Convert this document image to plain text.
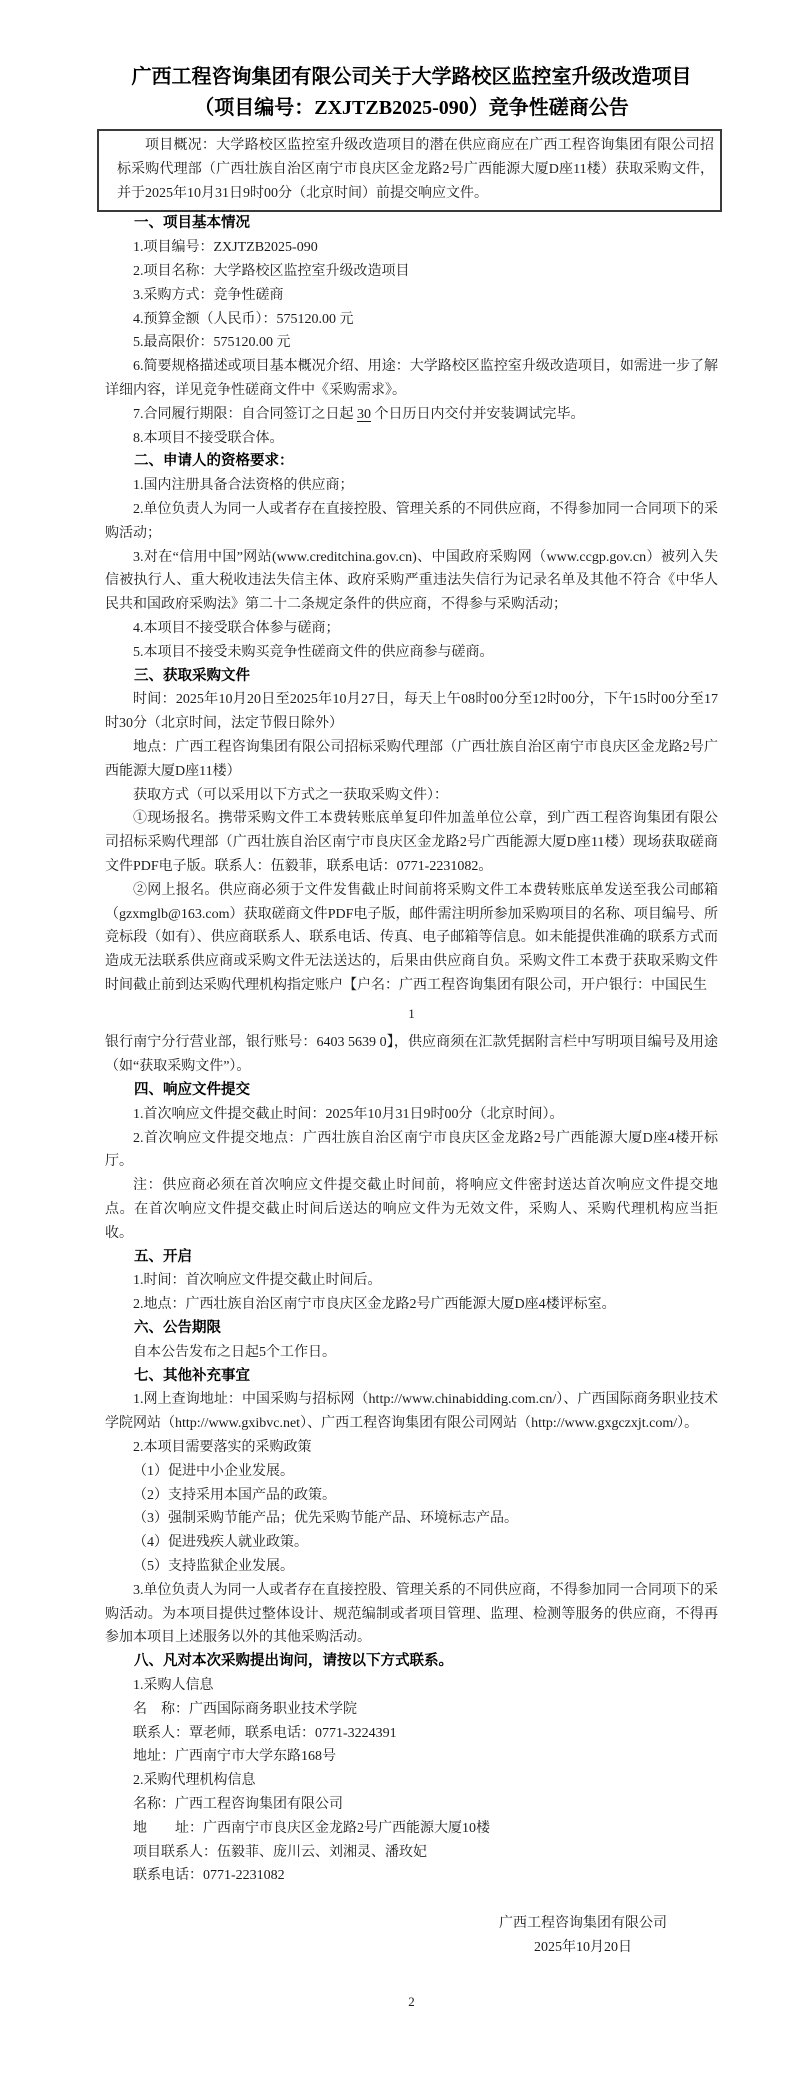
广西工程咨询集团有限公司关于大学路校区监控室升级改造项目
（项目编号：ZXJTZB2025-090）竞争性磋商公告
项目概况：大学路校区监控室升级改造项目的潜在供应商应在广西工程咨询集团有限公司招标采购代理部（广西壮族自治区南宁市良庆区金龙路2号广西能源大厦D座11楼）获取采购文件，并于2025年10月31日9时00分（北京时间）前提交响应文件。
一、项目基本情况
1.项目编号：ZXJTZB2025-090
2.项目名称：大学路校区监控室升级改造项目
3.采购方式：竞争性磋商
4.预算金额（人民币）：575120.00 元
5.最高限价：575120.00 元
6.简要规格描述或项目基本概况介绍、用途：大学路校区监控室升级改造项目，如需进一步了解详细内容，详见竞争性磋商文件中《采购需求》。
7.合同履行期限：自合同签订之日起 30 个日历日内交付并安装调试完毕。
8.本项目不接受联合体。
二、申请人的资格要求：
1.国内注册具备合法资格的供应商；
2.单位负责人为同一人或者存在直接控股、管理关系的不同供应商，不得参加同一合同项下的采购活动；
3.对在“信用中国”网站(www.creditchina.gov.cn)、中国政府采购网（www.ccgp.gov.cn）被列入失信被执行人、重大税收违法失信主体、政府采购严重违法失信行为记录名单及其他不符合《中华人民共和国政府采购法》第二十二条规定条件的供应商，不得参与采购活动；
4.本项目不接受联合体参与磋商；
5.本项目不接受未购买竞争性磋商文件的供应商参与磋商。
三、获取采购文件
时间：2025年10月20日至2025年10月27日，每天上午08时00分至12时00分，下午15时00分至17时30分（北京时间，法定节假日除外）
地点：广西工程咨询集团有限公司招标采购代理部（广西壮族自治区南宁市良庆区金龙路2号广西能源大厦D座11楼）
获取方式（可以采用以下方式之一获取采购文件）：
①现场报名。携带采购文件工本费转账底单复印件加盖单位公章，到广西工程咨询集团有限公司招标采购代理部（广西壮族自治区南宁市良庆区金龙路2号广西能源大厦D座11楼）现场获取磋商文件PDF电子版。联系人：伍毅菲，联系电话：0771-2231082。
②网上报名。供应商必须于文件发售截止时间前将采购文件工本费转账底单发送至我公司邮箱（gzxmglb@163.com）获取磋商文件PDF电子版，邮件需注明所参加采购项目的名称、项目编号、所竞标段（如有）、供应商联系人、联系电话、传真、电子邮箱等信息。如未能提供准确的联系方式而造成无法联系供应商或采购文件无法送达的，后果由供应商自负。采购文件工本费于获取采购文件时间截止前到达采购代理机构指定账户【户名：广西工程咨询集团有限公司，开户银行：中国民生
1
银行南宁分行营业部，银行账号：6403 5639 0】，供应商须在汇款凭据附言栏中写明项目编号及用途（如“获取采购文件”）。
四、响应文件提交
1.首次响应文件提交截止时间：2025年10月31日9时00分（北京时间）。
2.首次响应文件提交地点：广西壮族自治区南宁市良庆区金龙路2号广西能源大厦D座4楼开标厅。
注：供应商必须在首次响应文件提交截止时间前，将响应文件密封送达首次响应文件提交地点。在首次响应文件提交截止时间后送达的响应文件为无效文件，采购人、采购代理机构应当拒收。
五、开启
1.时间：首次响应文件提交截止时间后。
2.地点：广西壮族自治区南宁市良庆区金龙路2号广西能源大厦D座4楼评标室。
六、公告期限
自本公告发布之日起5个工作日。
七、其他补充事宜
1.网上查询地址：中国采购与招标网（http://www.chinabidding.com.cn/）、广西国际商务职业技术学院网站（http://www.gxibvc.net）、广西工程咨询集团有限公司网站（http://www.gxgczxjt.com/）。
2.本项目需要落实的采购政策
（1）促进中小企业发展。
（2）支持采用本国产品的政策。
（3）强制采购节能产品；优先采购节能产品、环境标志产品。
（4）促进残疾人就业政策。
（5）支持监狱企业发展。
3.单位负责人为同一人或者存在直接控股、管理关系的不同供应商，不得参加同一合同项下的采购活动。为本项目提供过整体设计、规范编制或者项目管理、监理、检测等服务的供应商，不得再参加本项目上述服务以外的其他采购活动。
八、凡对本次采购提出询问，请按以下方式联系。
1.采购人信息
名　称：广西国际商务职业技术学院
联系人：覃老师，联系电话：0771-3224391
地址：广西南宁市大学东路168号
2.采购代理机构信息
名称：广西工程咨询集团有限公司
地　　址：广西南宁市良庆区金龙路2号广西能源大厦10楼
项目联系人：伍毅菲、庞川云、刘湘灵、潘玫妃
联系电话：0771-2231082
广西工程咨询集团有限公司
2025年10月20日
2
